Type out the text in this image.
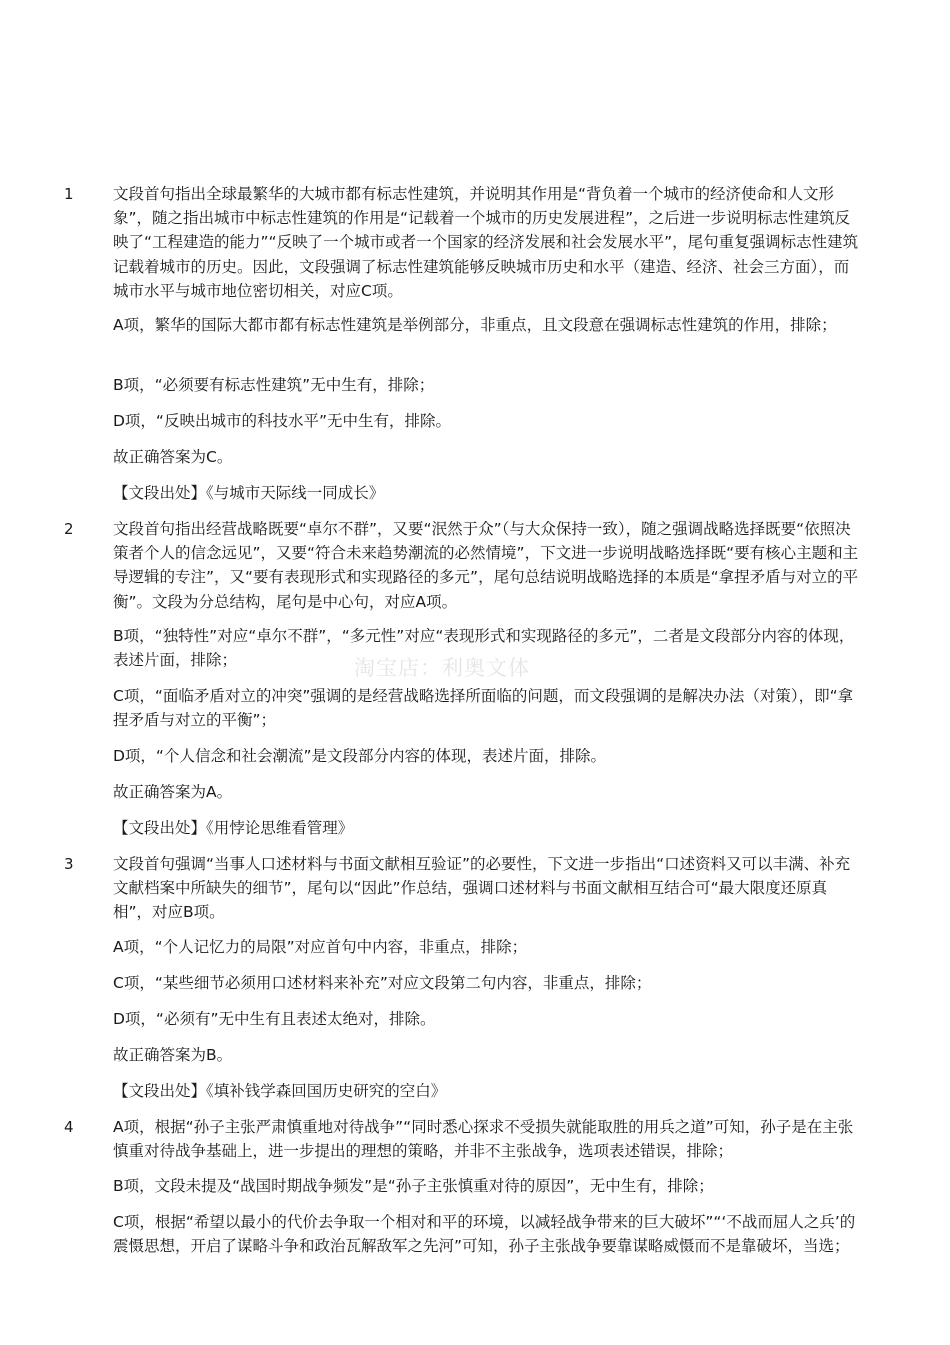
淘宝店：利奥文体
1	文段首句指出全球最繁华的大城市都有标志性建筑，并说明其作用是“背负着一个城市的经济使命和人文形象”，随之指出城市中标志性建筑的作用是“记载着一个城市的历史发展进程”，之后进一步说明标志性建筑反映了“工程建造的能力”“反映了一个城市或者一个国家的经济发展和社会发展水平”，尾句重复强调标志性建筑记载着城市的历史。因此，文段强调了标志性建筑能够反映城市历史和水平（建造、经济、社会三方面），而城市水平与城市地位密切相关，对应C项。

A项，繁华的国际大都市都有标志性建筑是举例部分，非重点，且文段意在强调标志性建筑的作用，排除；

B项，“必须要有标志性建筑”无中生有，排除；

D项，“反映出城市的科技水平”无中生有，排除。

故正确答案为C。

【文段出处】《与城市天际线一同成长》

2	文段首句指出经营战略既要“卓尔不群”，又要“泯然于众”（与大众保持一致），随之强调战略选择既要“依照决策者个人的信念远见”，又要“符合未来趋势潮流的必然情境”，下文进一步说明战略选择既“要有核心主题和主导逻辑的专注”，又“要有表现形式和实现路径的多元”，尾句总结说明战略选择的本质是“拿捏矛盾与对立的平衡”。文段为分总结构，尾句是中心句，对应A项。

B项，“独特性”对应“卓尔不群”，“多元性”对应“表现形式和实现路径的多元”，二者是文段部分内容的体现，表述片面，排除；

C项，“面临矛盾对立的冲突”强调的是经营战略选择所面临的问题，而文段强调的是解决办法（对策），即“拿捏矛盾与对立的平衡”；

D项，“个人信念和社会潮流”是文段部分内容的体现，表述片面，排除。

故正确答案为A。

【文段出处】《用悖论思维看管理》

3	文段首句强调“当事人口述材料与书面文献相互验证”的必要性，下文进一步指出“口述资料又可以丰满、补充文献档案中所缺失的细节”，尾句以“因此”作总结，强调口述材料与书面文献相互结合可“最大限度还原真相”，对应B项。

A项，“个人记忆力的局限”对应首句中内容，非重点，排除；

C项，“某些细节必须用口述材料来补充”对应文段第二句内容，非重点，排除；

D项，“必须有”无中生有且表述太绝对，排除。

故正确答案为B。

【文段出处】《填补钱学森回国历史研究的空白》

4	A项，根据“孙子主张严肃慎重地对待战争”“同时悉心探求不受损失就能取胜的用兵之道”可知，孙子是在主张慎重对待战争基础上，进一步提出的理想的策略，并非不主张战争，选项表述错误，排除；

B项，文段未提及“战国时期战争频发”是“孙子主张慎重对待的原因”，无中生有，排除；

C项，根据“希望以最小的代价去争取一个相对和平的环境，以减轻战争带来的巨大破坏”“‘不战而屈人之兵’的震慑思想，开启了谋略斗争和政治瓦解敌军之先河”可知，孙子主张战争要靠谋略威慑而不是靠破坏，当选；
